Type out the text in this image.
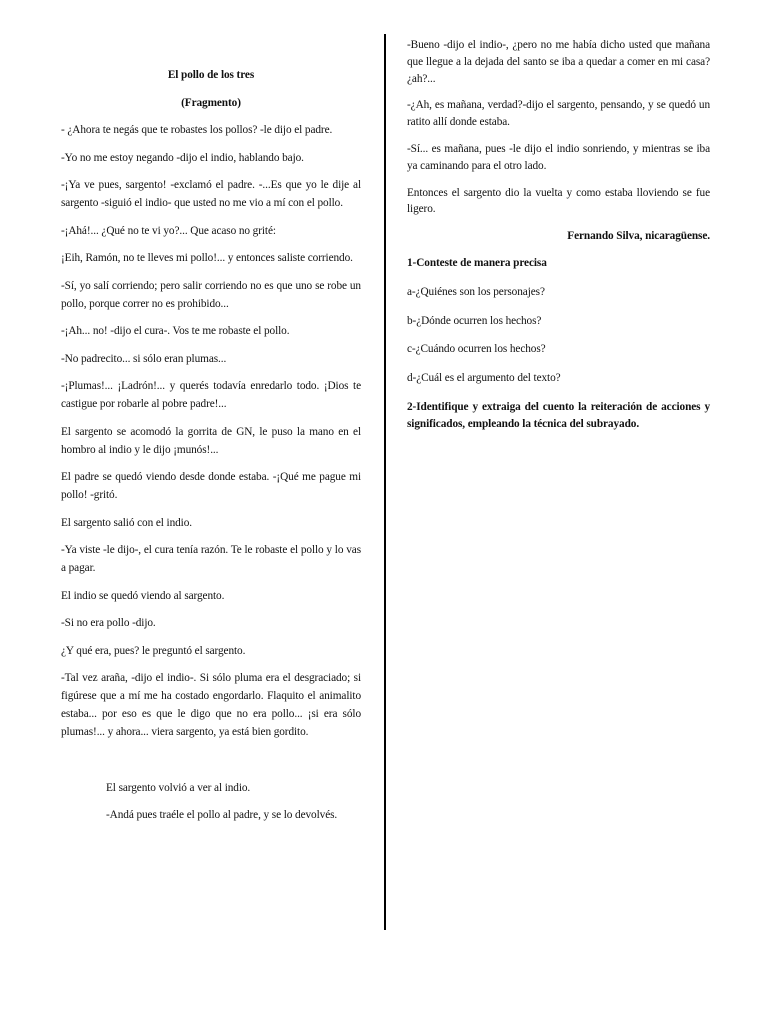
El pollo de los tres

(Fragmento)

- ¿Ahora te negás que te robastes los pollos? -le dijo el padre.

-Yo no me estoy negando -dijo el indio, hablando bajo.

-¡Ya ve pues, sargento! -exclamó el padre. -...Es que yo le dije al sargento -siguió el indio- que usted no me vio a mí con el pollo.

-¡Ahá!... ¿Qué no te vi yo?... Que acaso no grité:

¡Eih, Ramón, no te lleves mi pollo!... y entonces saliste corriendo.

-Sí, yo salí corriendo; pero salir corriendo no es que uno se robe un pollo, porque correr no es prohibido...

-¡Ah... no! -dijo el cura-. Vos te me robaste el pollo.

-No padrecito... si sólo eran plumas...

-¡Plumas!... ¡Ladrón!... y querés todavía enredarlo todo. ¡Dios te castigue por robarle al pobre padre!...

El sargento se acomodó la gorrita de GN, le puso la mano en el hombro al indio y le dijo ¡munós!...

El padre se quedó viendo desde donde estaba. -¡Qué me pague mi pollo! -gritó.

El sargento salió con el indio.

-Ya viste -le dijo-, el cura tenía razón. Te le robaste el pollo y lo vas a pagar.

El indio se quedó viendo al sargento.

-Si no era pollo -dijo.

¿Y qué era, pues? le preguntó el sargento.

-Tal vez araña, -dijo el indio-. Si sólo pluma era el desgraciado; si figúrese que a mí me ha costado engordarlo. Flaquito el animalito estaba... por eso es que le digo que no era pollo... ¡si era sólo plumas!... y ahora... viera sargento, ya está bien gordito.

El sargento volvió a ver al indio.

-Andá pues traéle el pollo al padre, y se lo devolvés.

-Bueno -dijo el indio-, ¿pero no me había dicho usted que mañana que llegue a la dejada del santo se iba a quedar a comer en mi casa? ¿ah?...

-¿Ah, es mañana, verdad?-dijo el sargento, pensando, y se quedó un ratito allí donde estaba.

-Sí... es mañana, pues -le dijo el indio sonriendo, y mientras se iba ya caminando para el otro lado.

Entonces el sargento dio la vuelta y como estaba lloviendo se fue ligero.

Fernando Silva, nicaragüense.

1-Conteste de manera precisa

a-¿Quiénes son los personajes?

b-¿Dónde ocurren los hechos?

c-¿Cuándo ocurren los hechos?

d-¿Cuál es el argumento del texto?

2-Identifique y extraiga del cuento la reiteración de acciones y significados, empleando la técnica del subrayado.
